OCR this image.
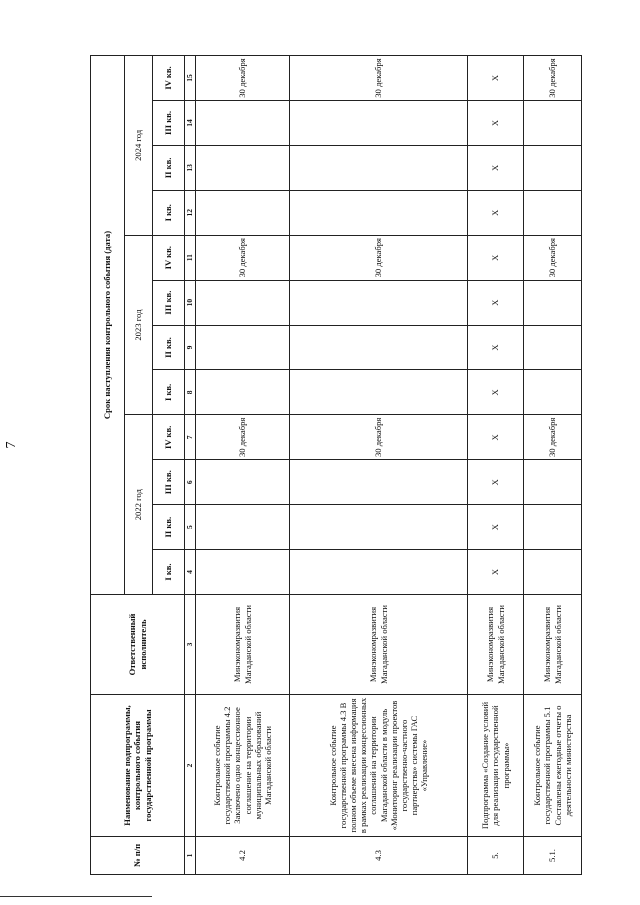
7
№ п/п	Наименование подпрограммы, контрольного события государственной программы	Ответственный исполнитель	Срок наступления контрольного события (дата)											
			2022 год				2023 год				2024 год			
			I кв.	II кв.	III кв.	IV кв.	I кв.	II кв.	III кв.	IV кв.	I кв.	II кв.	III кв.	IV кв.
1	2	3	4	5	6	7	8	9	10	11	12	13	14	15
4.2	Контрольное событие государственной программы 4.2 Заключено одно концессионное соглашение на территории муниципальных образований Магаданской области	Минэкономразвития Магаданской области				30 декабря				30 декабря				30 декабря
4.3	Контрольное событие государственной программы 4.3 В полном объеме внесена информация в рамках реализации концессионных соглашений на территории Магаданской области в модуль «Мониторинг реализации проектов государственно-частного партнерства» системы ГАС «Управление»	Минэкономразвития Магаданской области				30 декабря				30 декабря				30 декабря
5.	Подпрограмма «Создание условий для реализации государственной программы»	Минэкономразвития Магаданской области	Х	Х	Х	Х	Х	Х	Х	Х	Х	Х	Х	Х
5.1.	Контрольное событие государственной программы 5.1 Составлены ежегодные отчеты о деятельности министерства	Минэкономразвития Магаданской области				30 декабря				30 декабря				30 декабря
